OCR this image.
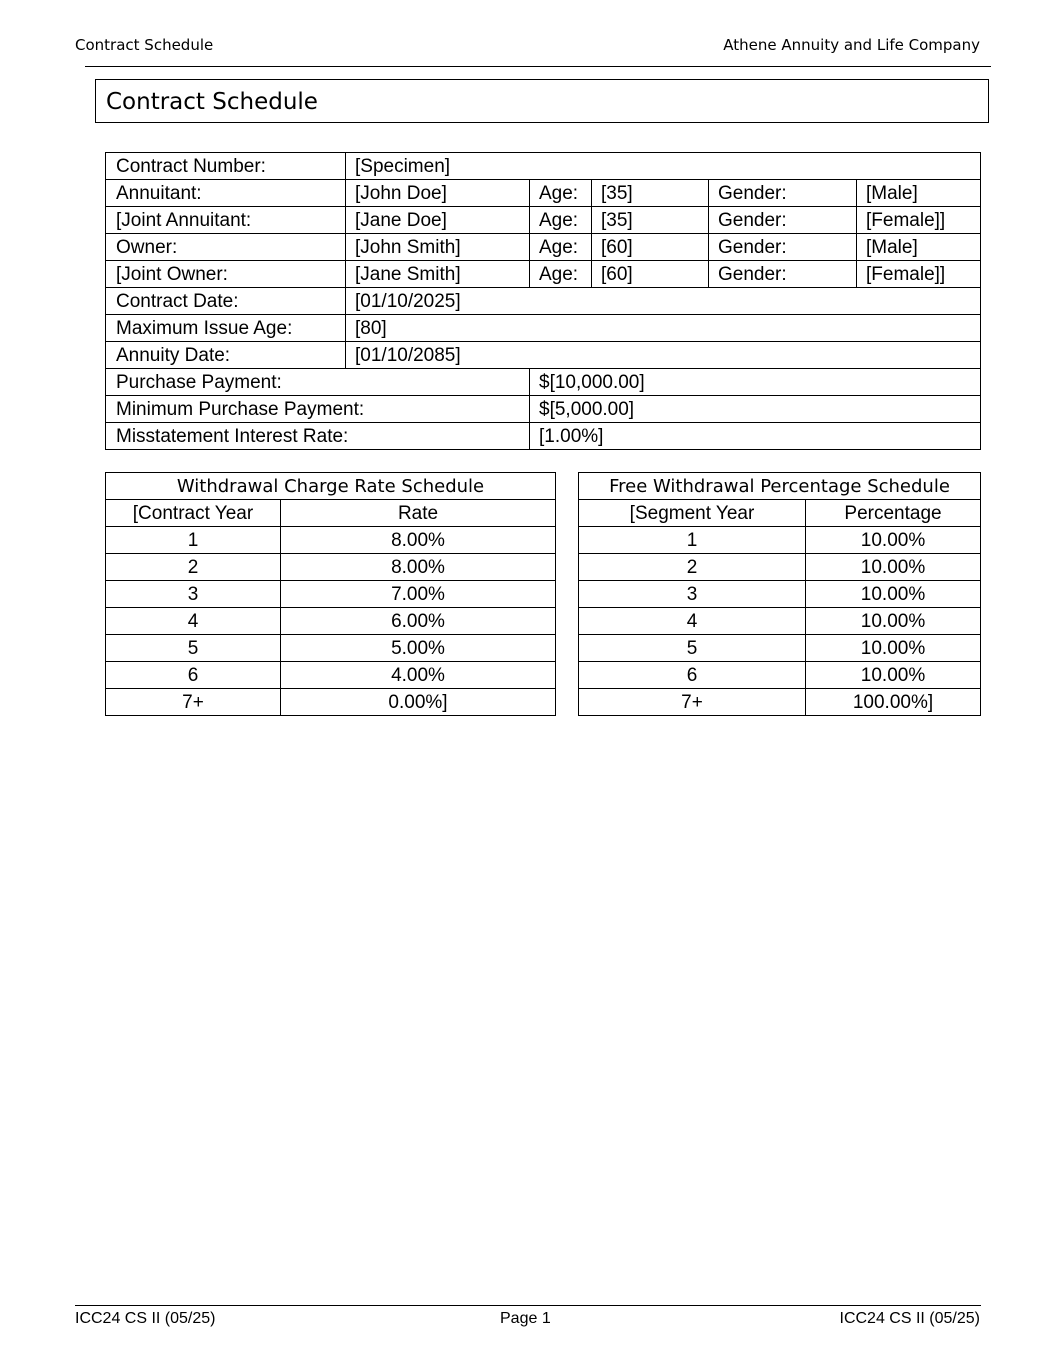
Contract Schedule	Athene Annuity and Life Company
Contract Schedule
Contract Number:	[Specimen]				
Annuitant:	[John Doe]	Age:	[35]	Gender:	[Male]
[Joint Annuitant:	[Jane Doe]	Age:	[35]	Gender:	[Female]]
Owner:	[John Smith]	Age:	[60]	Gender:	[Male]
[Joint Owner:	[Jane Smith]	Age:	[60]	Gender:	[Female]]
Contract Date:	[01/10/2025]				
Maximum Issue Age:	[80]				
Annuity Date:	[01/10/2085]				
Purchase Payment:		$[10,000.00]			
Minimum Purchase Payment:		$[5,000.00]			
Misstatement Interest Rate:		[1.00%]			
Withdrawal Charge Rate Schedule	
[Contract Year	Rate
1	8.00%
2	8.00%
3	7.00%
4	6.00%
5	5.00%
6	4.00%
7+	0.00%]
Free Withdrawal Percentage Schedule	
[Segment Year	Percentage
1	10.00%
2	10.00%
3	10.00%
4	10.00%
5	10.00%
6	10.00%
7+	100.00%]
ICC24 CS II (05/25)	Page 1	ICC24 CS II (05/25)
